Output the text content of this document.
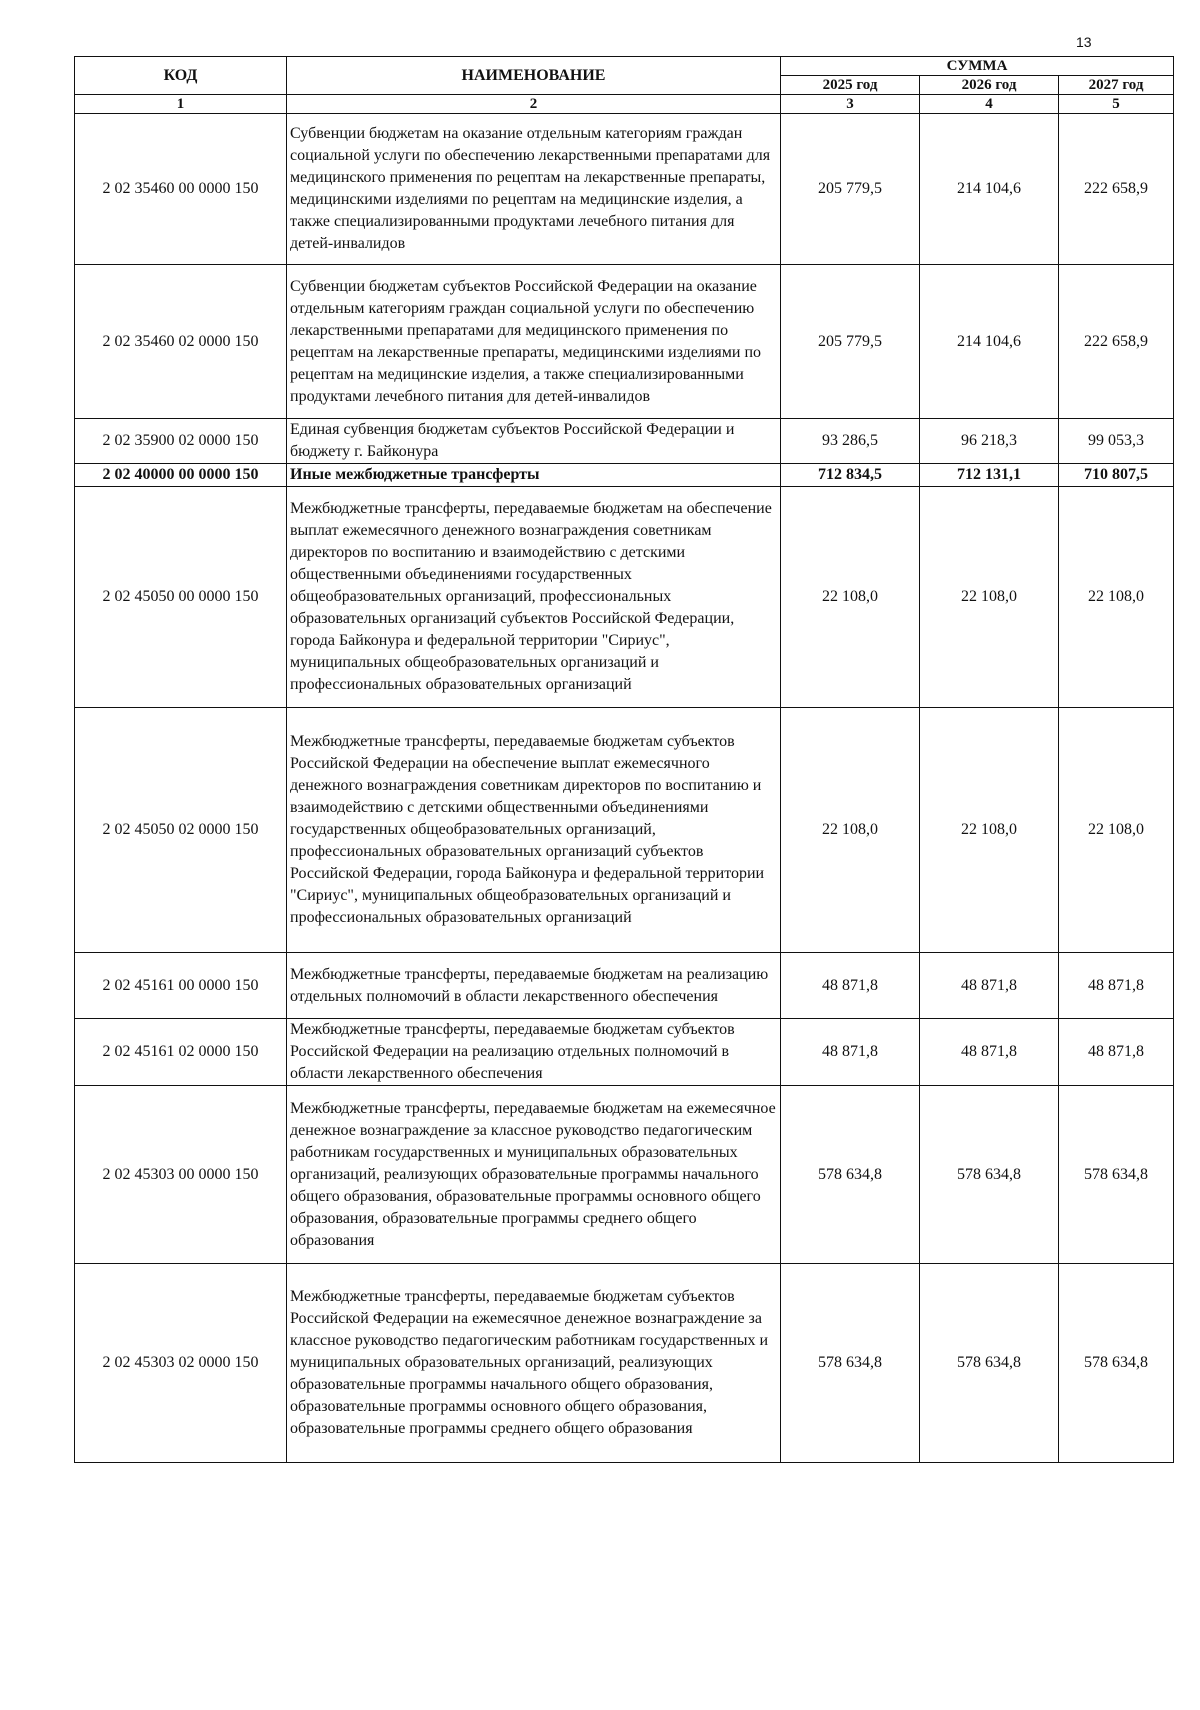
13
КОД	НАИМЕНОВАНИЕ	СУММА		
		2025 год	2026 год	2027 год
1	2	3	4	5
2 02 35460 00 0000 150	Субвенции бюджетам на оказание отдельным категориям граждан социальной услуги по обеспечению лекарственными препаратами для медицинского применения по рецептам на лекарственные препараты, медицинскими изделиями по рецептам на медицинские изделия, а также специализированными продуктами лечебного питания для детей-инвалидов	205 779,5	214 104,6	222 658,9
2 02 35460 02 0000 150	Субвенции бюджетам субъектов Российской Федерации на оказание отдельным категориям граждан социальной услуги по обеспечению лекарственными препаратами для медицинского применения по рецептам на лекарственные препараты, медицинскими изделиями по рецептам на медицинские изделия, а также специализированными продуктами лечебного питания для детей-инвалидов	205 779,5	214 104,6	222 658,9
2 02 35900 02 0000 150	Единая субвенция бюджетам субъектов Российской Федерации и бюджету г. Байконура	93 286,5	96 218,3	99 053,3
2 02 40000 00 0000 150	Иные межбюджетные трансферты	712 834,5	712 131,1	710 807,5
2 02 45050 00 0000 150	Межбюджетные трансферты, передаваемые бюджетам на обеспечение выплат ежемесячного денежного вознаграждения советникам директоров по воспитанию и взаимодействию с детскими общественными объединениями государственных общеобразовательных организаций, профессиональных образовательных организаций субъектов Российской Федерации, города Байконура и федеральной территории "Сириус", муниципальных общеобразовательных организаций и профессиональных образовательных организаций	22 108,0	22 108,0	22 108,0
2 02 45050 02 0000 150	Межбюджетные трансферты, передаваемые бюджетам субъектов Российской Федерации на обеспечение выплат ежемесячного денежного вознаграждения советникам директоров по воспитанию и взаимодействию с детскими общественными объединениями государственных общеобразовательных организаций, профессиональных образовательных организаций субъектов Российской Федерации, города Байконура и федеральной территории "Сириус", муниципальных общеобразовательных организаций и профессиональных образовательных организаций	22 108,0	22 108,0	22 108,0
2 02 45161 00 0000 150	Межбюджетные трансферты, передаваемые бюджетам на реализацию отдельных полномочий в области лекарственного обеспечения	48 871,8	48 871,8	48 871,8
2 02 45161 02 0000 150	Межбюджетные трансферты, передаваемые бюджетам субъектов Российской Федерации на реализацию отдельных полномочий в области лекарственного обеспечения	48 871,8	48 871,8	48 871,8
2 02 45303 00 0000 150	Межбюджетные трансферты, передаваемые бюджетам на ежемесячное денежное вознаграждение за классное руководство педагогическим работникам государственных и муниципальных образовательных организаций, реализующих образовательные программы начального общего образования, образовательные программы основного общего образования, образовательные программы среднего общего образования	578 634,8	578 634,8	578 634,8
2 02 45303 02 0000 150	Межбюджетные трансферты, передаваемые бюджетам субъектов Российской Федерации на ежемесячное денежное вознаграждение за классное руководство педагогическим работникам государственных и муниципальных образовательных организаций, реализующих образовательные программы начального общего образования, образовательные программы основного общего образования, образовательные программы среднего общего образования	578 634,8	578 634,8	578 634,8
